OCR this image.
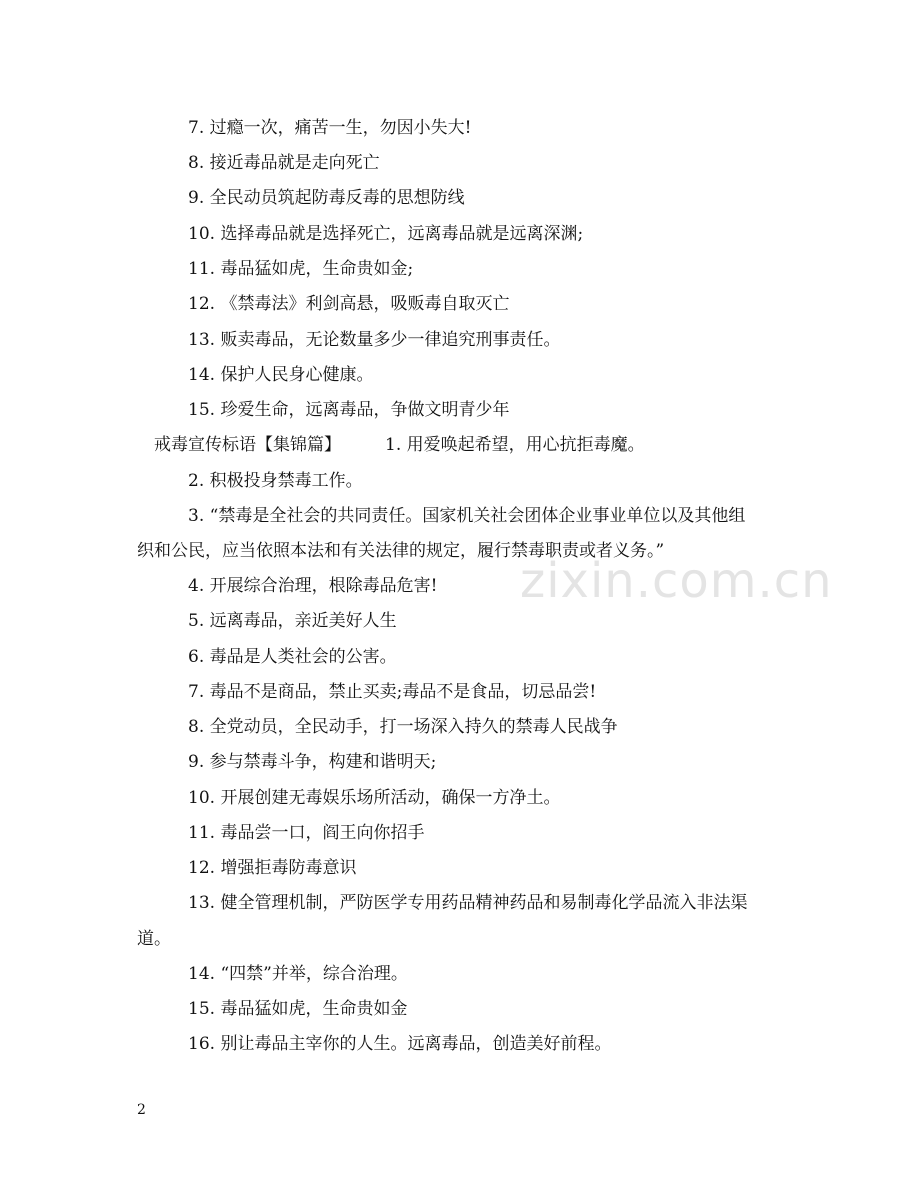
zixin.com.cn

7. 过瘾一次，痛苦一生，勿因小失大!

8. 接近毒品就是走向死亡

9. 全民动员筑起防毒反毒的思想防线

10. 选择毒品就是选择死亡，远离毒品就是远离深渊;

11. 毒品猛如虎，生命贵如金;

12. 《禁毒法》利剑高悬，吸贩毒自取灭亡

13. 贩卖毒品，无论数量多少一律追究刑事责任。

14. 保护人民身心健康。

15. 珍爱生命，远离毒品，争做文明青少年

戒毒宣传标语【集锦篇】	1. 用爱唤起希望，用心抗拒毒魔。

2. 积极投身禁毒工作。

3. “禁毒是全社会的共同责任。国家机关社会团体企业事业单位以及其他组

织和公民，应当依照本法和有关法律的规定，履行禁毒职责或者义务。”

4. 开展综合治理，根除毒品危害!

5. 远离毒品，亲近美好人生

6. 毒品是人类社会的公害。

7. 毒品不是商品，禁止买卖;毒品不是食品，切忌品尝!

8. 全党动员，全民动手，打一场深入持久的禁毒人民战争

9. 参与禁毒斗争，构建和谐明天;

10. 开展创建无毒娱乐场所活动，确保一方净土。

11. 毒品尝一口，阎王向你招手

12. 增强拒毒防毒意识

13. 健全管理机制，严防医学专用药品精神药品和易制毒化学品流入非法渠

道。

14. “四禁”并举，综合治理。

15. 毒品猛如虎，生命贵如金

16. 别让毒品主宰你的人生。远离毒品，创造美好前程。

2
